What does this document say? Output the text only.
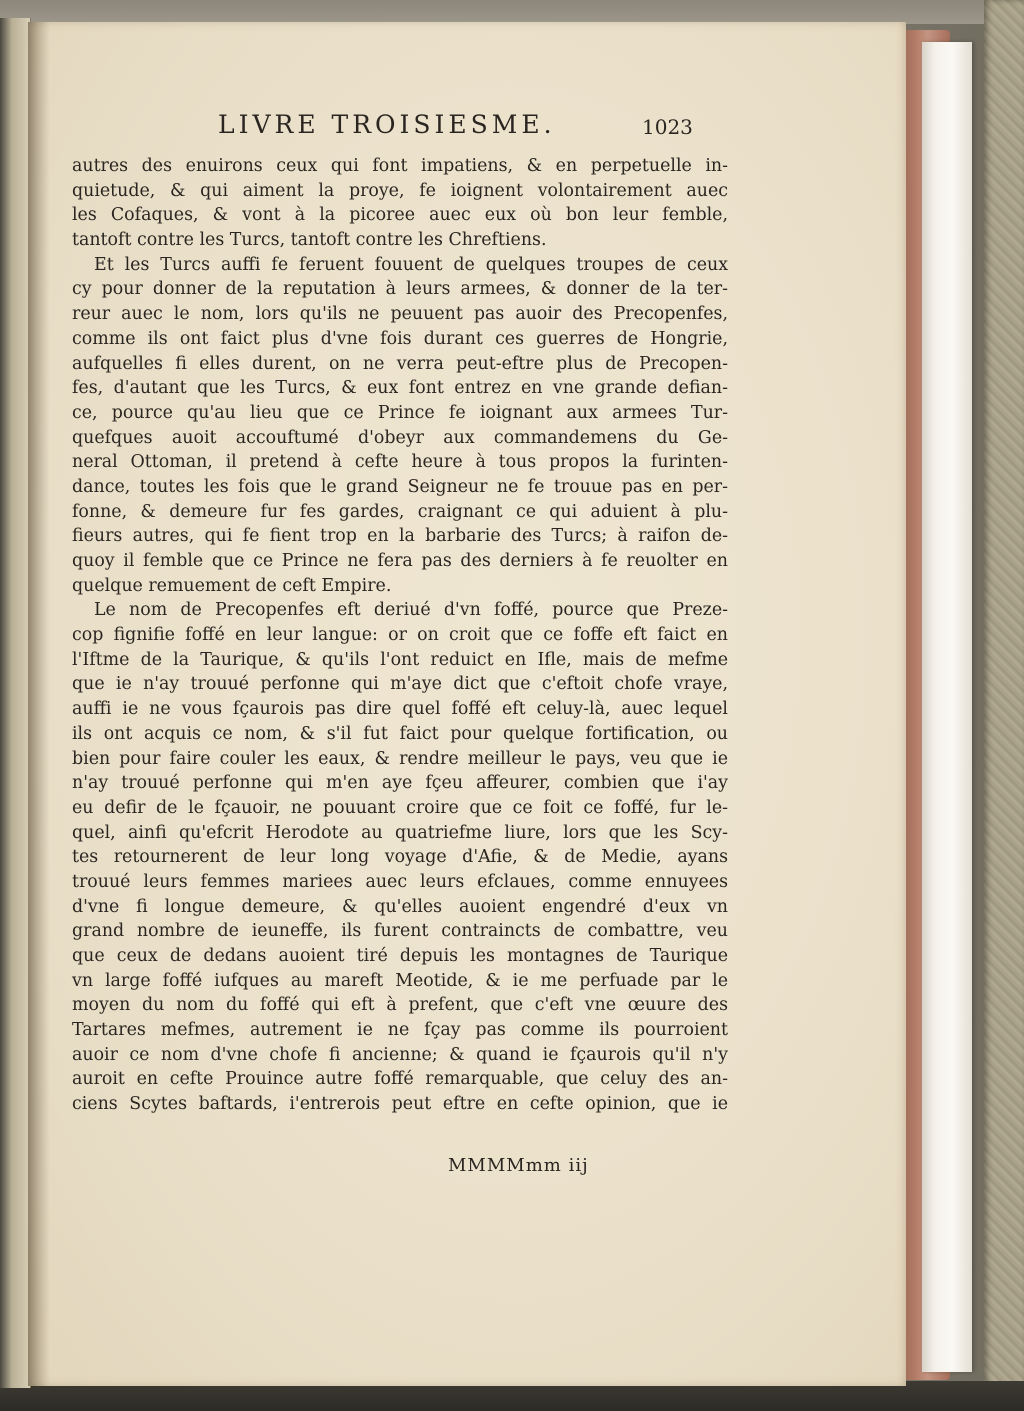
LIVRE TROISIESME.	1023
autres des enuirons ceux qui font impatiens, & en perpetuelle in-
quietude, & qui aiment la proye, fe ioignent volontairement auec
les Cofaques, & vont à la picoree auec eux où bon leur femble,
tantoft contre les Turcs, tantoft contre les Chreftiens.
Et les Turcs auffi fe feruent fouuent de quelques troupes de ceux
cy pour donner de la reputation à leurs armees, & donner de la ter-
reur auec le nom, lors qu'ils ne peuuent pas auoir des Precopenfes,
comme ils ont faict plus d'vne fois durant ces guerres de Hongrie,
aufquelles fi elles durent, on ne verra peut-eftre plus de Precopen-
fes, d'autant que les Turcs, & eux font entrez en vne grande defian-
ce, pource qu'au lieu que ce Prince fe ioignant aux armees Tur-
quefques auoit accouftumé d'obeyr aux commandemens du Ge-
neral Ottoman, il pretend à cefte heure à tous propos la furinten-
dance, toutes les fois que le grand Seigneur ne fe trouue pas en per-
fonne, & demeure fur fes gardes, craignant ce qui aduient à plu-
fieurs autres, qui fe fient trop en la barbarie des Turcs; à raifon de-
quoy il femble que ce Prince ne fera pas des derniers à fe reuolter en
quelque remuement de ceft Empire.
Le nom de Precopenfes eft deriué d'vn foffé, pource que Preze-
cop fignifie foffé en leur langue: or on croit que ce foffe eft faict en
l'Iftme de la Taurique, & qu'ils l'ont reduict en Ifle, mais de mefme
que ie n'ay trouué perfonne qui m'aye dict que c'eftoit chofe vraye,
auffi ie ne vous fçaurois pas dire quel foffé eft celuy-là, auec lequel
ils ont acquis ce nom, & s'il fut faict pour quelque fortification, ou
bien pour faire couler les eaux, & rendre meilleur le pays, veu que ie
n'ay trouué perfonne qui m'en aye fçeu affeurer, combien que i'ay
eu defir de le fçauoir, ne pouuant croire que ce foit ce foffé, fur le-
quel, ainfi qu'efcrit Herodote au quatriefme liure, lors que les Scy-
tes retournerent de leur long voyage d'Afie, & de Medie, ayans
trouué leurs femmes mariees auec leurs efclaues, comme ennuyees
d'vne fi longue demeure, & qu'elles auoient engendré d'eux vn
grand nombre de ieuneffe, ils furent contraincts de combattre, veu
que ceux de dedans auoient tiré depuis les montagnes de Taurique
vn large foffé iufques au mareft Meotide, & ie me perfuade par le
moyen du nom du foffé qui eft à prefent, que c'eft vne œuure des
Tartares mefmes, autrement ie ne fçay pas comme ils pourroient
auoir ce nom d'vne chofe fi ancienne; & quand ie fçaurois qu'il n'y
auroit en cefte Prouince autre foffé remarquable, que celuy des an-
ciens Scytes baftards, i'entrerois peut eftre en cefte opinion, que ie
MMMMmm iij
